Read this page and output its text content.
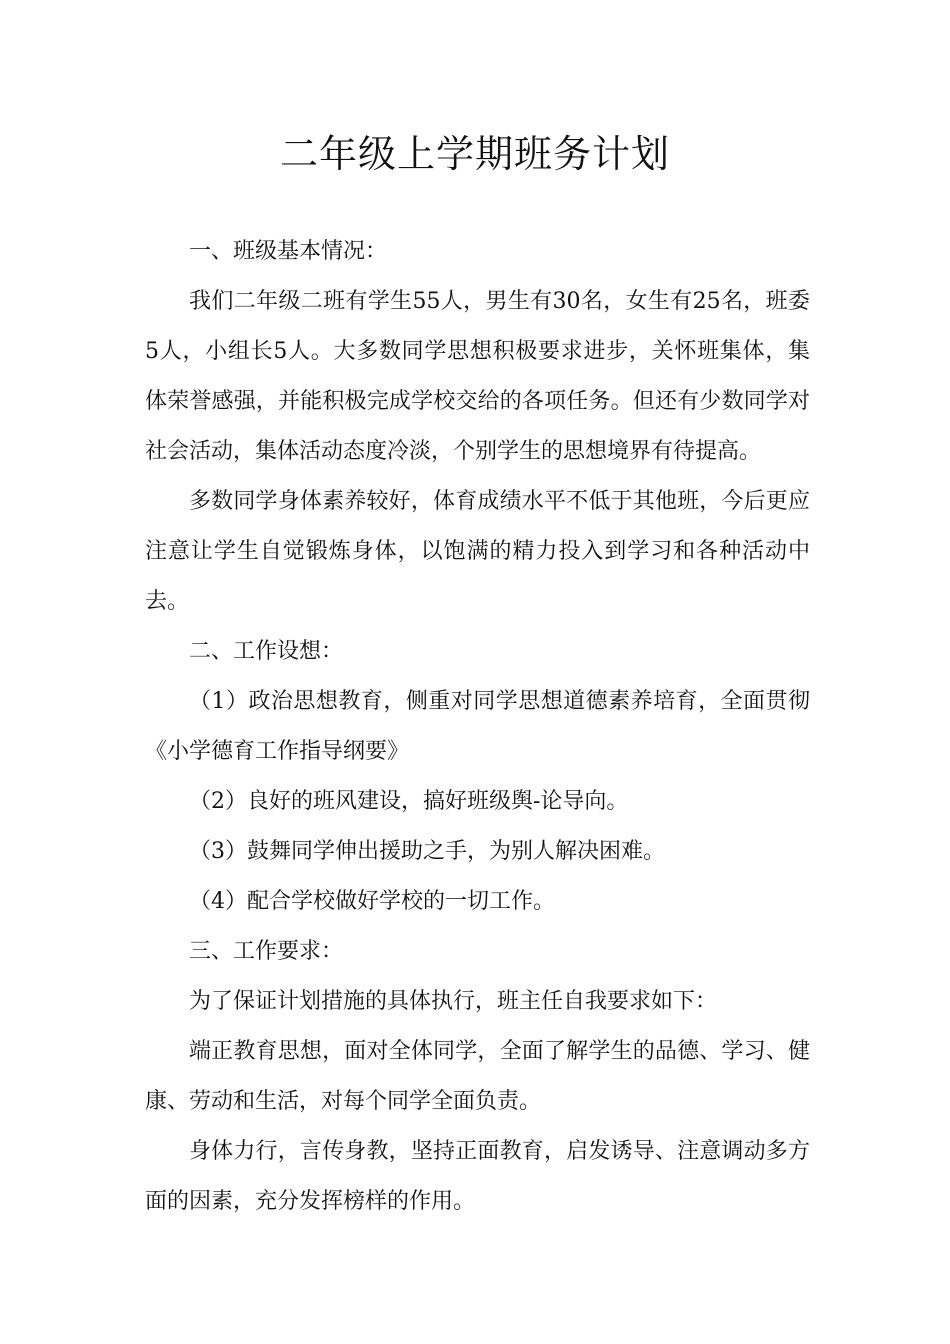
二年级上学期班务计划

一、班级基本情况：

我们二年级二班有学生55人，男生有30名，女生有25名，班委5人，小组长5人。大多数同学思想积极要求进步，关怀班集体，集体荣誉感强，并能积极完成学校交给的各项任务。但还有少数同学对社会活动，集体活动态度冷淡，个别学生的思想境界有待提高。

多数同学身体素养较好，体育成绩水平不低于其他班，今后更应注意让学生自觉锻炼身体，以饱满的精力投入到学习和各种活动中去。

二、工作设想：

（1）政治思想教育，侧重对同学思想道德素养培育，全面贯彻《小学德育工作指导纲要》

（2）良好的班风建设，搞好班级舆-论导向。

（3）鼓舞同学伸出援助之手，为别人解决困难。

（4）配合学校做好学校的一切工作。

三、工作要求：

为了保证计划措施的具体执行，班主任自我要求如下：

端正教育思想，面对全体同学，全面了解学生的品德、学习、健康、劳动和生活，对每个同学全面负责。

身体力行，言传身教，坚持正面教育，启发诱导、注意调动多方面的因素，充分发挥榜样的作用。
